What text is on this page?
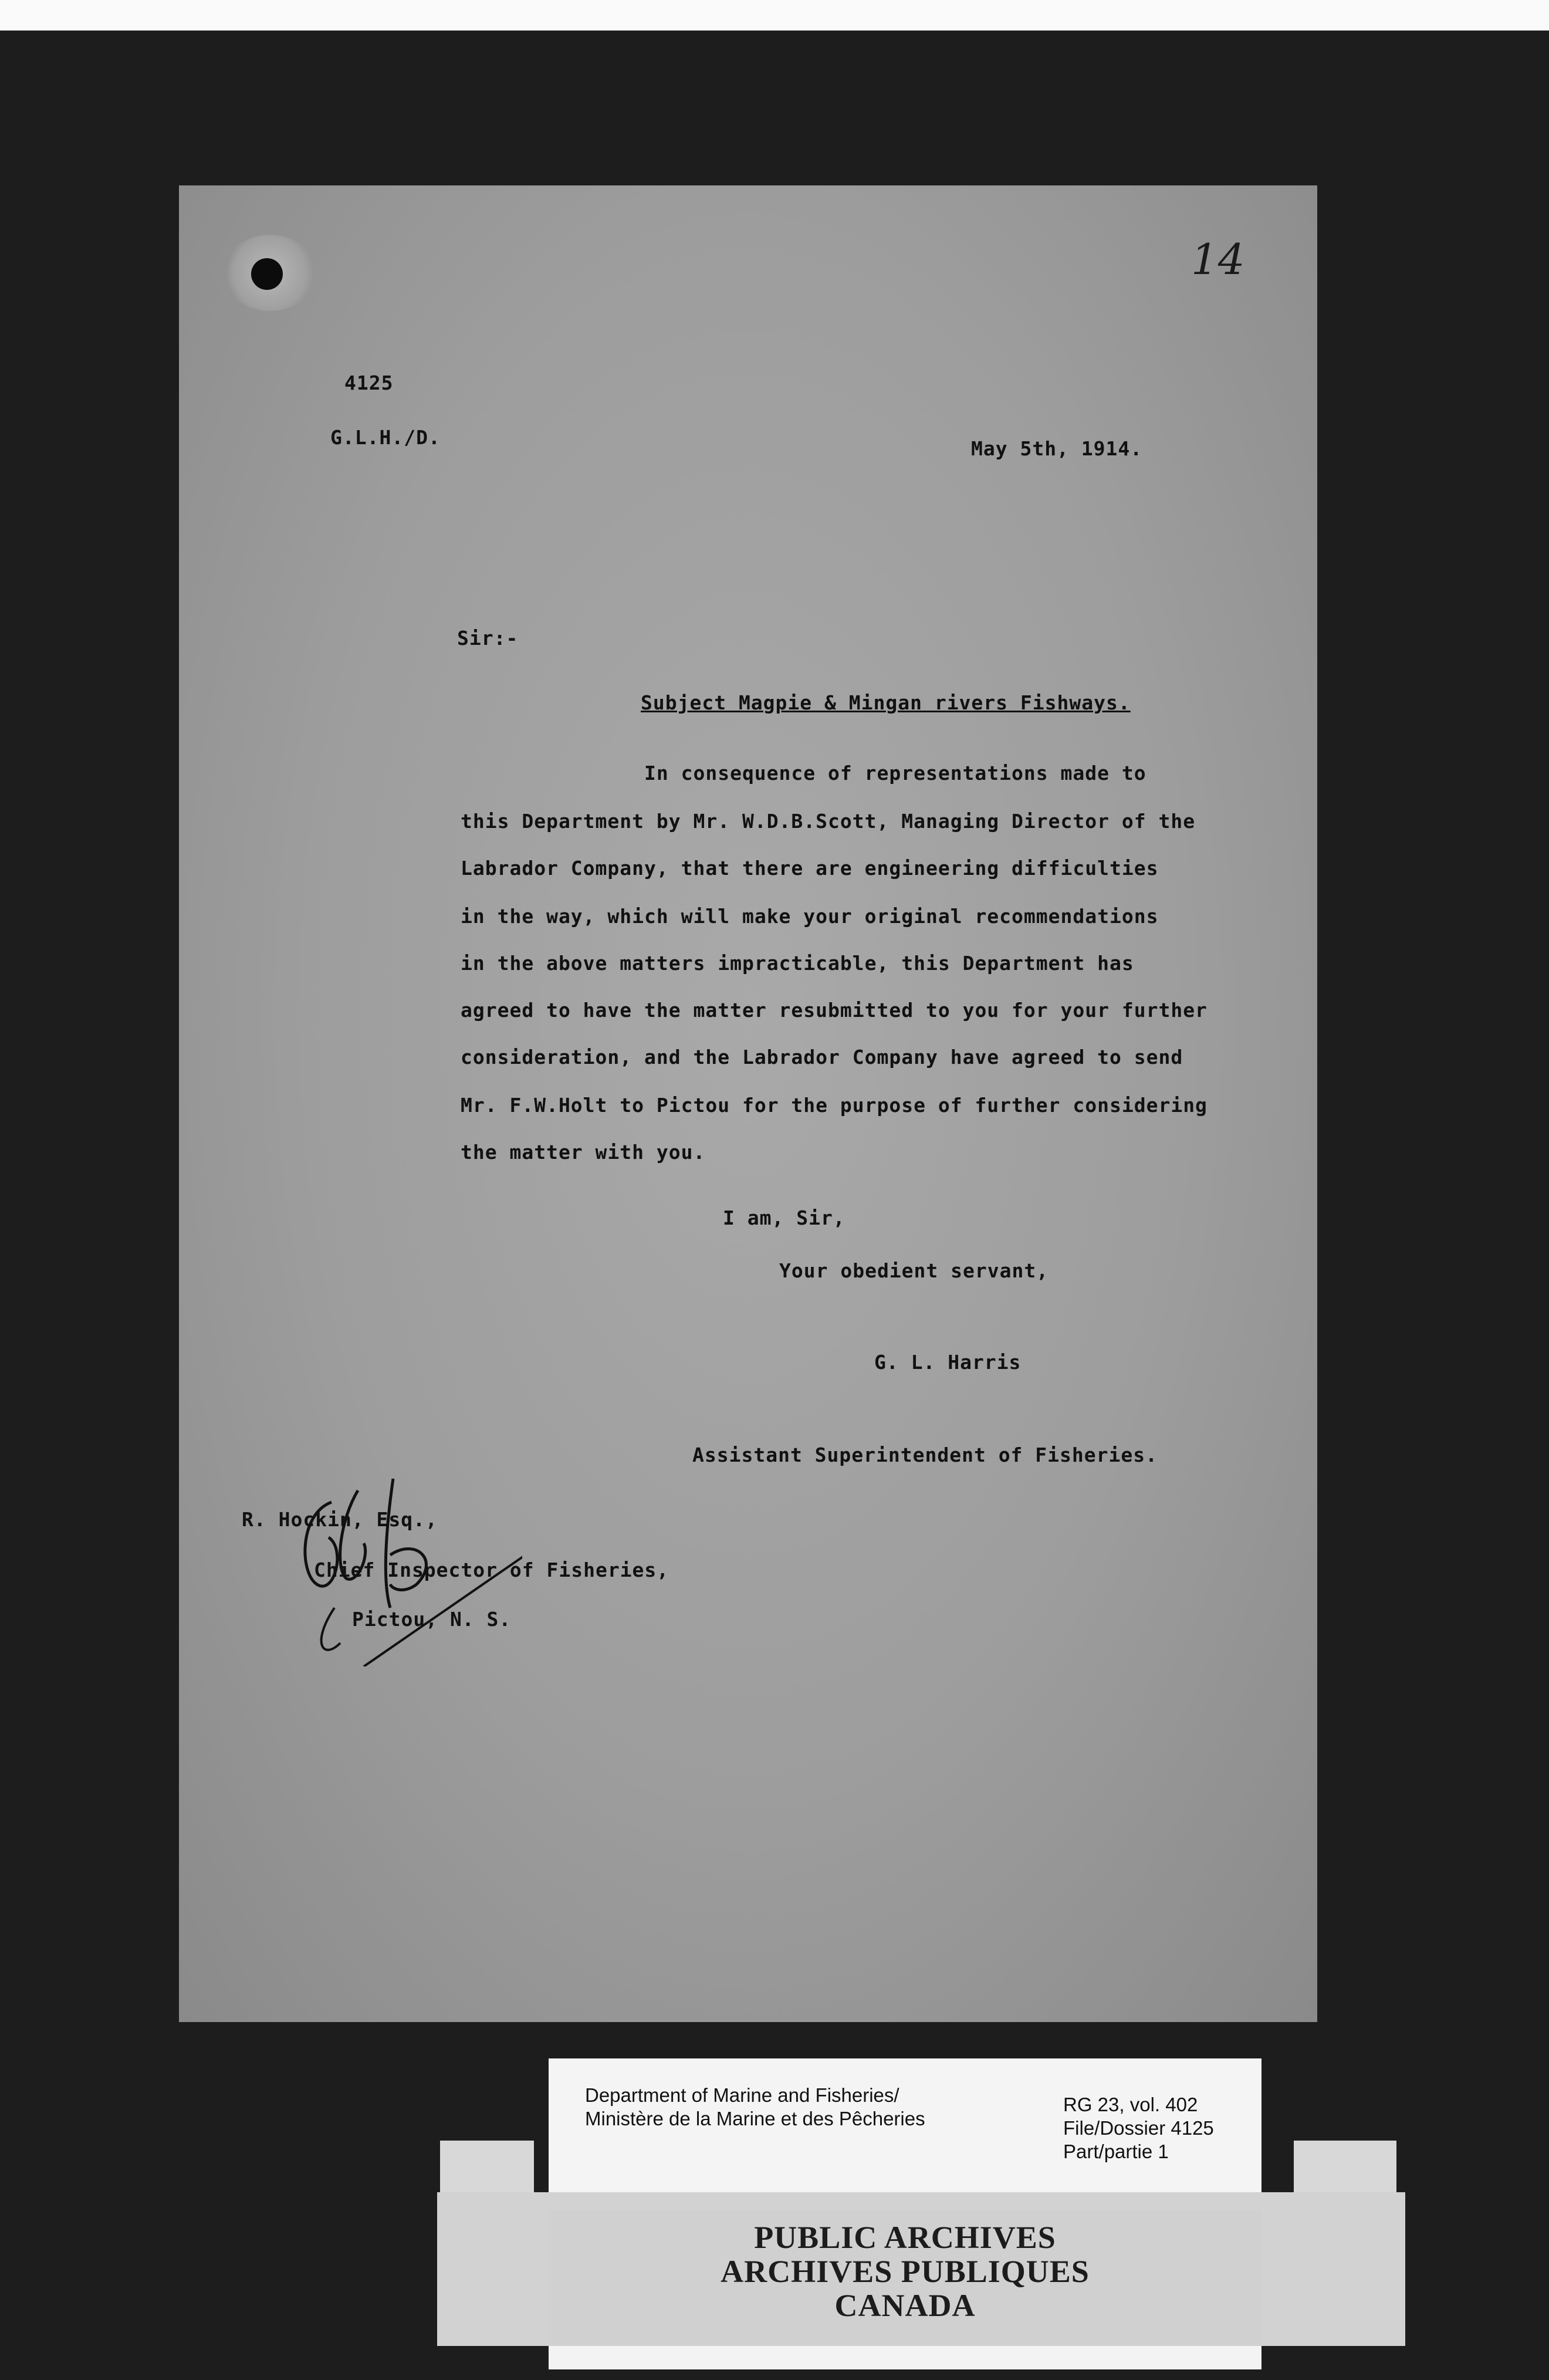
14
4125
G.L.H./D.	May 5th, 1914.
Sir:-
Subject Magpie & Mingan rivers Fishways.
In consequence of representations made to
this Department by Mr. W.D.B.Scott, Managing Director of the
Labrador Company, that there are engineering difficulties
in the way, which will make your original recommendations
in the above matters impracticable, this Department has
agreed to have the matter resubmitted to you for your further
consideration, and the Labrador Company have agreed to send
Mr. F.W.Holt to Pictou for the purpose of further considering
the matter with you.
I am, Sir,
Your obedient servant,
G. L. Harris
Assistant Superintendent of Fisheries.
R. Hockin, Esq.,
Chief Inspector of Fisheries,
Pictou, N. S.
Department of Marine and Fisheries/
Ministère de la Marine et des Pêcheries
RG 23, vol. 402
File/Dossier 4125
Part/partie 1
PUBLIC ARCHIVES
ARCHIVES PUBLIQUES
CANADA
